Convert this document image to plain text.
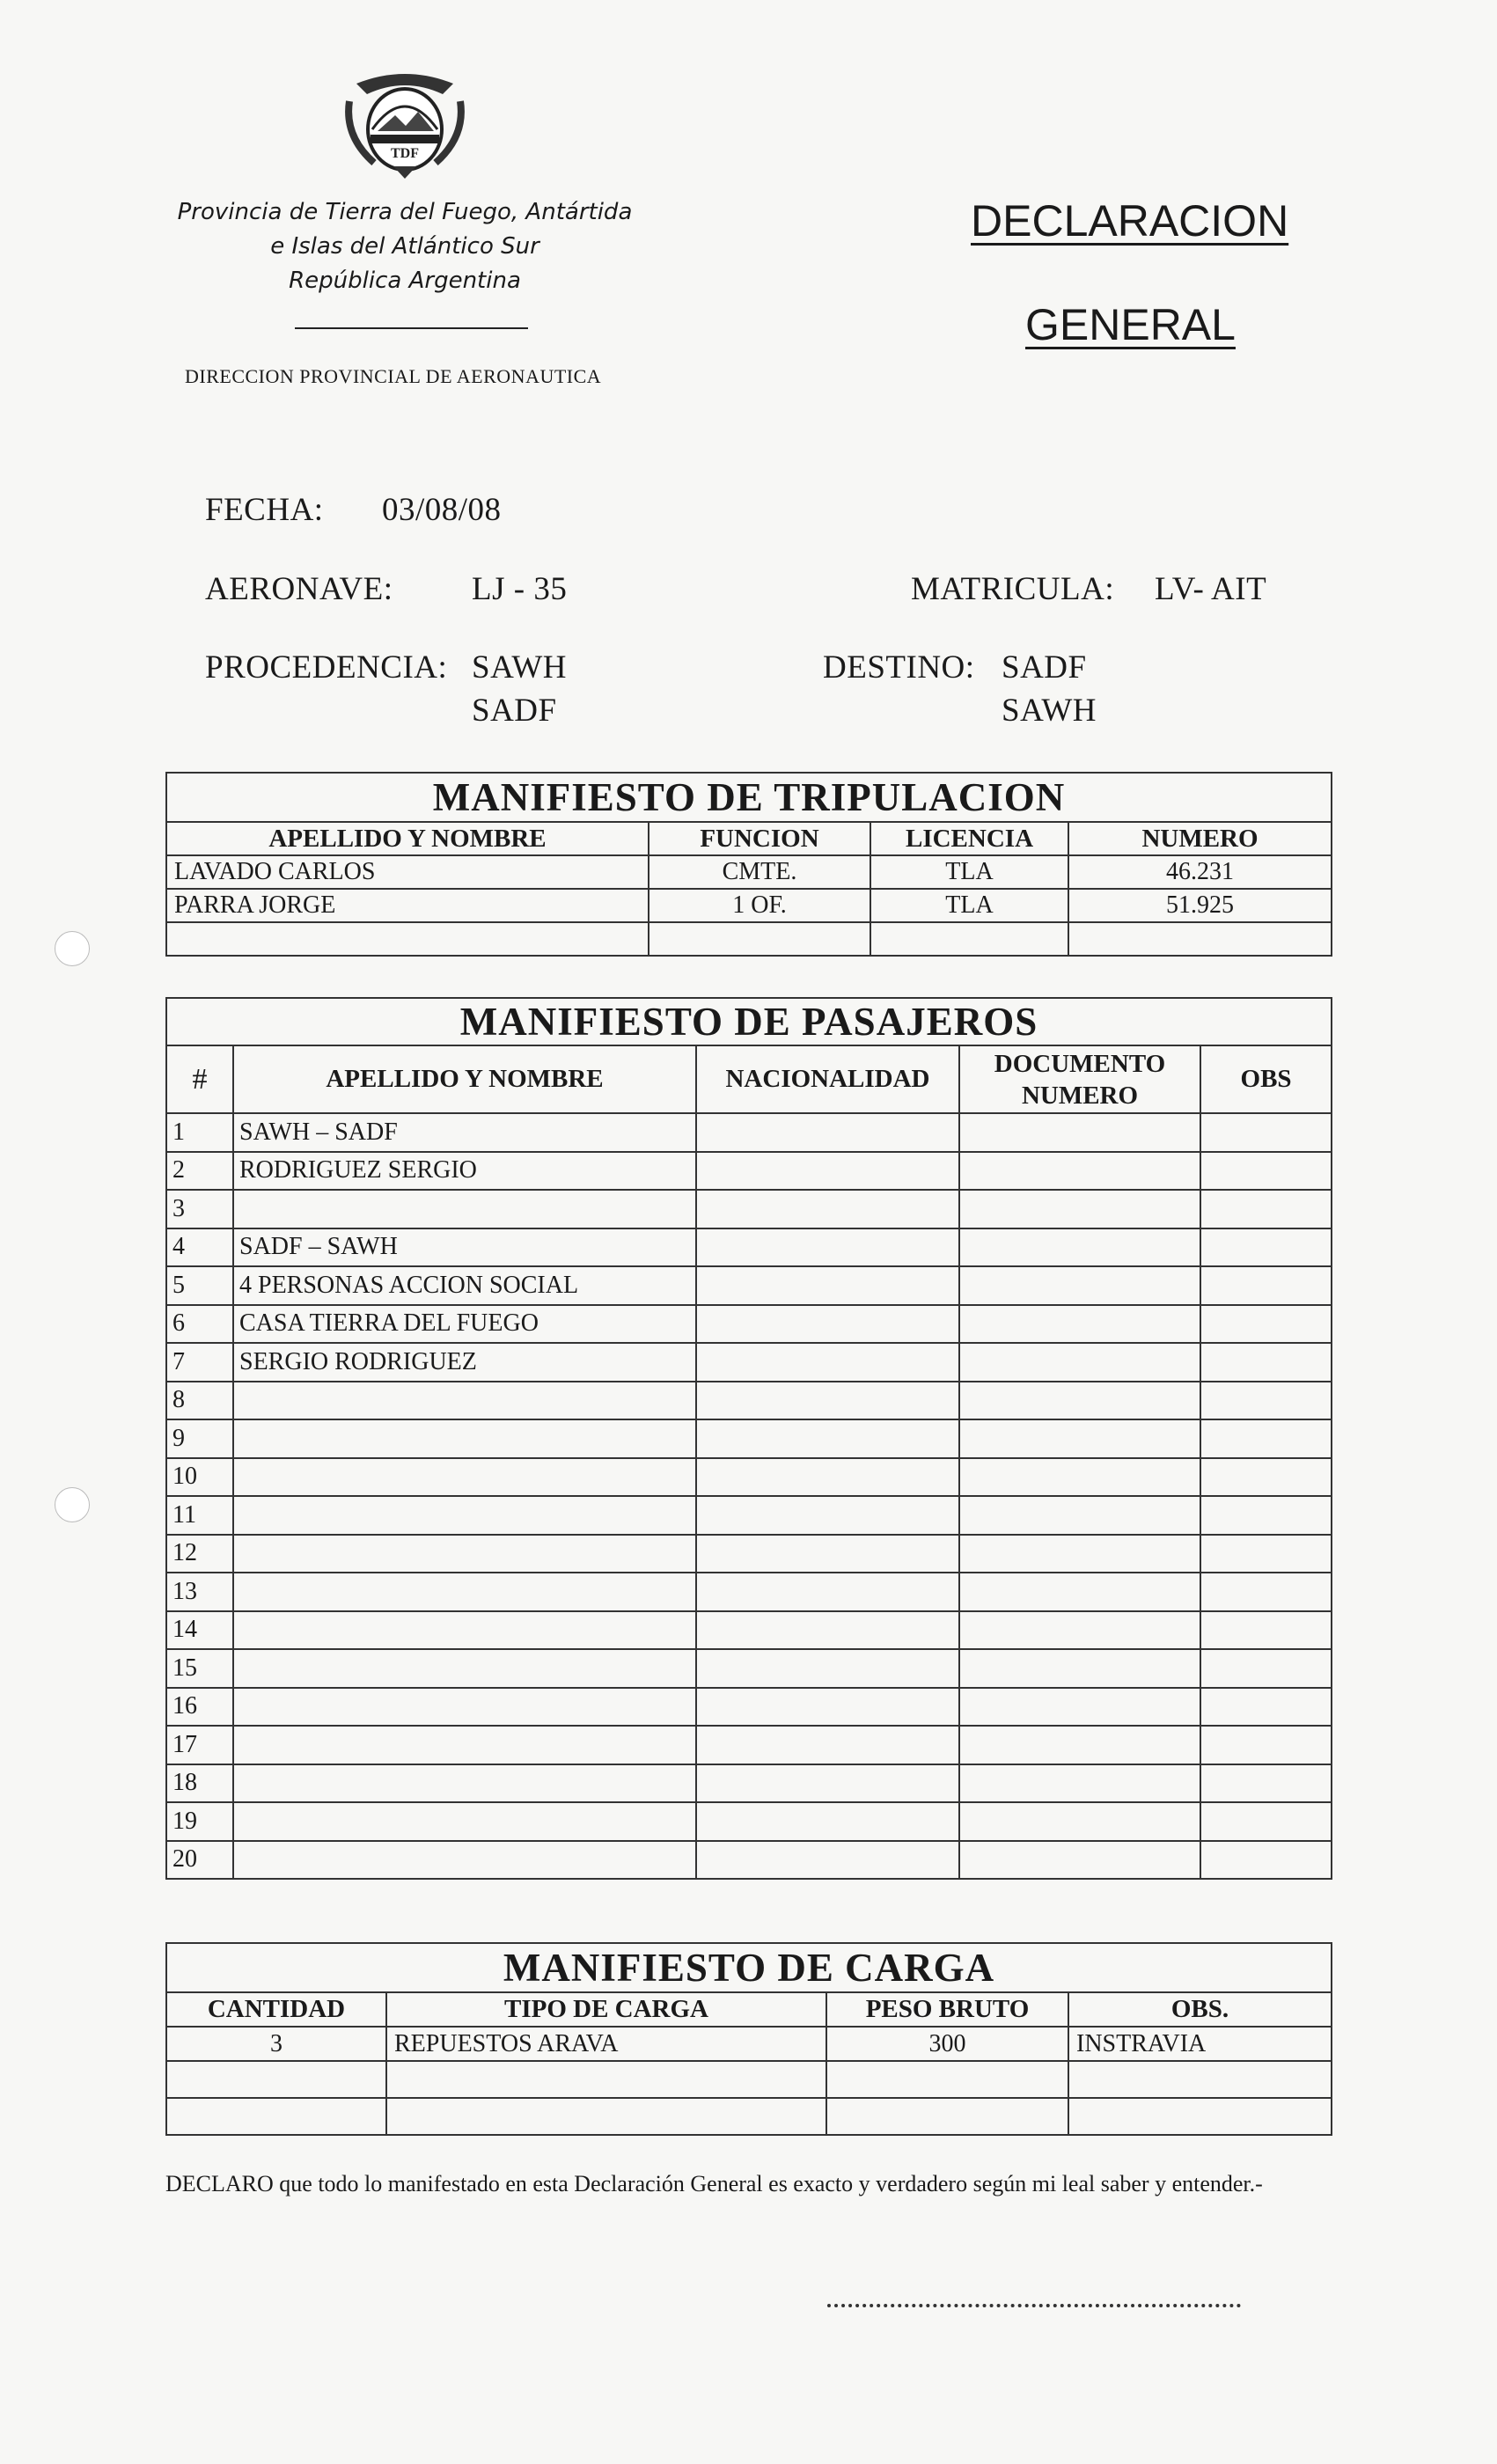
TDF
Provincia de Tierra del Fuego, Antártida
e Islas del Atlántico Sur
República Argentina
DIRECCION PROVINCIAL DE AERONAUTICA
DECLARACION
GENERAL
FECHA: 03/08/08
AERONAVE: LJ - 35	MATRICULA: LV- AIT
PROCEDENCIA: SAWH
SADF
DESTINO: SADF
SAWH
MANIFIESTO DE TRIPULACION			
APELLIDO Y NOMBRE	FUNCION	LICENCIA	NUMERO
LAVADO CARLOS	CMTE.	TLA	46.231
PARRA JORGE	1 OF.	TLA	51.925

MANIFIESTO DE PASAJEROS				
#	APELLIDO Y NOMBRE	NACIONALIDAD	DOCUMENTO NUMERO	OBS
1	SAWH – SADF			
2	RODRIGUEZ SERGIO			
3				
4	SADF – SAWH			
5	4 PERSONAS ACCION SOCIAL			
6	CASA TIERRA DEL FUEGO			
7	SERGIO RODRIGUEZ			
8				
9				
10				
11				
12				
13				
14				
15				
16				
17				
18				
19				
20				
MANIFIESTO DE CARGA			
CANTIDAD	TIPO DE CARGA	PESO BRUTO	OBS.
3	REPUESTOS ARAVA	300	INSTRAVIA

DECLARO que todo lo manifestado en esta Declaración General es exacto y verdadero según mi leal saber y entender.-
